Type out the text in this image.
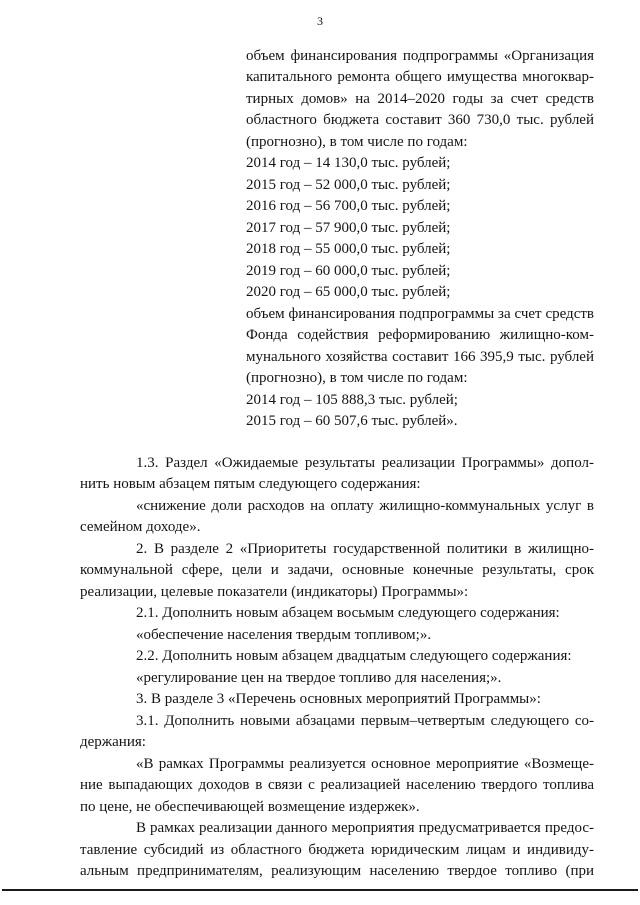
3
объем финансирования подпрограммы «Организация
капитального ремонта общего имущества многоквар-
тирных домов» на 2014–2020 годы за счет средств
областного бюджета составит 360 730,0 тыс. рублей
(прогнозно), в том числе по годам:
2014 год – 14 130,0 тыс. рублей;
2015 год – 52 000,0 тыс. рублей;
2016 год – 56 700,0 тыс. рублей;
2017 год – 57 900,0 тыс. рублей;
2018 год – 55 000,0 тыс. рублей;
2019 год – 60 000,0 тыс. рублей;
2020 год – 65 000,0 тыс. рублей;
объем финансирования подпрограммы за счет средств
Фонда содействия реформированию жилищно-ком-
мунального хозяйства составит 166 395,9 тыс. рублей
(прогнозно), в том числе по годам:
2014 год – 105 888,3 тыс. рублей;
2015 год – 60 507,6 тыс. рублей».
1.3. Раздел «Ожидаемые результаты реализации Программы» допол-
нить новым абзацем пятым следующего содержания:
«снижение доли расходов на оплату жилищно-коммунальных услуг в
семейном доходе».
2. В разделе 2 «Приоритеты государственной политики в жилищно-
коммунальной сфере, цели и задачи, основные конечные результаты, срок
реализации, целевые показатели (индикаторы) Программы»:
2.1. Дополнить новым абзацем восьмым следующего содержания:
«обеспечение населения твердым топливом;».
2.2. Дополнить новым абзацем двадцатым следующего содержания:
«регулирование цен на твердое топливо для населения;».
3. В разделе 3 «Перечень основных мероприятий Программы»:
3.1. Дополнить новыми абзацами первым–четвертым следующего со-
держания:
«В рамках Программы реализуется основное мероприятие «Возмеще-
ние выпадающих доходов в связи с реализацией населению твердого топлива
по цене, не обеспечивающей возмещение издержек».
В рамках реализации данного мероприятия предусматривается предос-
тавление субсидий из областного бюджета юридическим лицам и индивиду-
альным предпринимателям, реализующим населению твердое топливо (при
